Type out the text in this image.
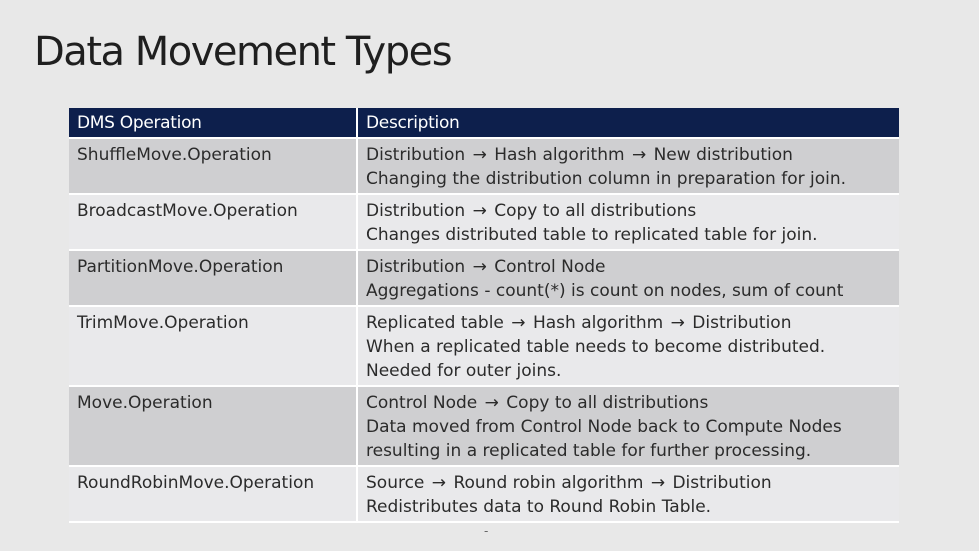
Data Movement Types
DMS Operation	Description
ShuffleMove.Operation	Distribution → Hash algorithm → New distribution
Changing the distribution column in preparation for join.

BroadcastMove.Operation	Distribution → Copy to all distributions
Changes distributed table to replicated table for join.

PartitionMove.Operation	Distribution → Control Node
Aggregations - count(*) is count on nodes, sum of count

TrimMove.Operation	Replicated table → Hash algorithm → Distribution
When a replicated table needs to become distributed.
Needed for outer joins.

Move.Operation	Control Node → Copy to all distributions
Data moved from Control Node back to Compute Nodes
resulting in a replicated table for further processing.

RoundRobinMove.Operation	Source → Round robin algorithm → Distribution
Redistributes data to Round Robin Table.
-
